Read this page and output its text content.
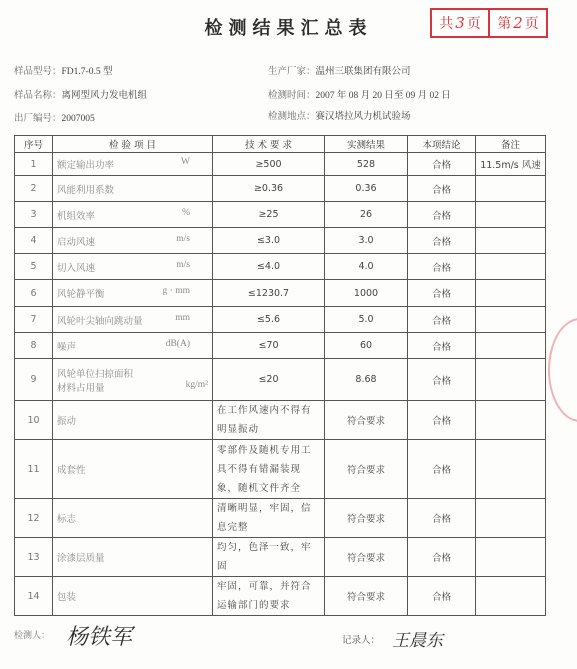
检测结果汇总表	共 3 页 第 2 页
样品型号：FD1.7-0.5 型
样品名称：离网型风力发电机组
出厂编号：2007005
生产厂家：温州三联集团有限公司
检测时间：2007 年 08 月 20 日至 09 月 02 日
检测地点：赛汉塔拉风力机试验场
序号	检 验 项 目	技 术 要 求	实测结果	本项结论	备注
1	额定输出功率 W	≥500	528	合格	11.5m/s 风速
2	风能利用系数	≥0.36	0.36	合格	
3	机组效率 %	≥25	26	合格	
4	启动风速 m/s	≤3.0	3.0	合格	
5	切入风速 m/s	≤4.0	4.0	合格	
6	风轮静平衡 g · mm	≤1230.7	1000	合格	
7	风轮叶尖轴向跳动量 mm	≤5.6	5.0	合格	
8	噪声 dB(A)	≤70	60	合格	
9	风轮单位扫掠面积
材料占用量 kg/m²	≤20	8.68	合格	
10	振动	在工作风速内不得有明显振动	符合要求	合格	
11	成套性	零部件及随机专用工具不得有错漏装现象，随机文件齐全	符合要求	合格	
12	标志	清晰明显，牢固，信息完整	符合要求	合格	
13	涂漆层质量	均匀，色泽一致，牢固	符合要求	合格	
14	包装	牢固，可靠，并符合运输部门的要求	符合要求	合格	
检测人： 杨铁军	记录人： 王晨东
